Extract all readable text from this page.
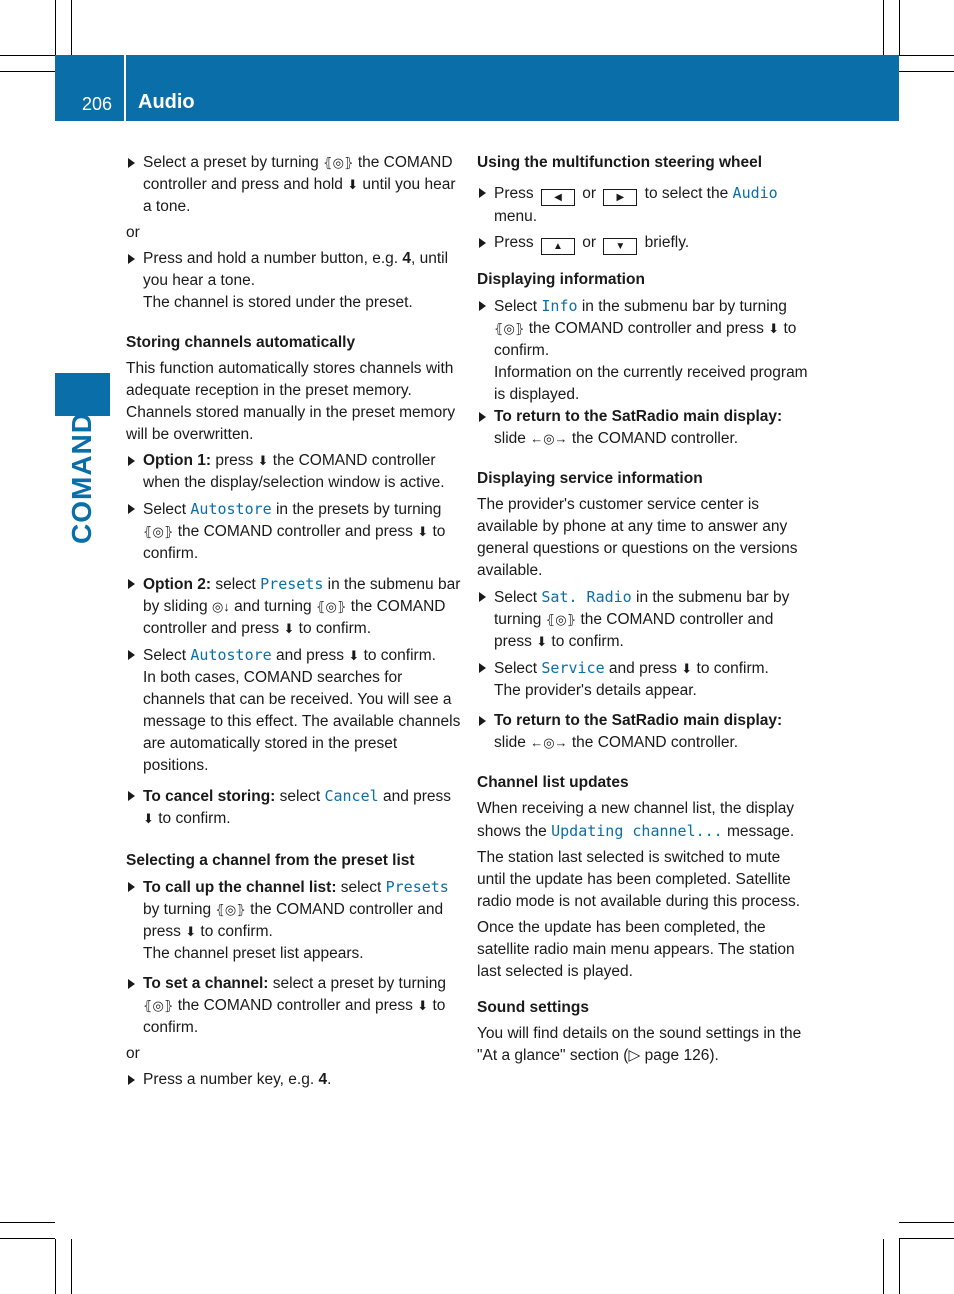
206 Audio
COMAND

Select a preset by turning ⦃◎⦄ the COMAND controller and press and hold ⬇ until you hear a tone.

or

Press and hold a number button, e.g. 4, until you hear a tone.

The channel is stored under the preset.

Storing channels automatically

This function automatically stores channels with adequate reception in the preset memory. Channels stored manually in the preset memory will be overwritten.

Option 1: press ⬇ the COMAND controller when the display/selection window is active.

Select Autostore in the presets by turning ⦃◎⦄ the COMAND controller and press ⬇ to confirm.

Option 2: select Presets in the submenu bar by sliding ◎↓ and turning ⦃◎⦄ the COMAND controller and press ⬇ to confirm.

Select Autostore and press ⬇ to confirm.

In both cases, COMAND searches for channels that can be received. You will see a message to this effect. The available channels are automatically stored in the preset positions.

To cancel storing: select Cancel and press ⬇ to confirm.

Selecting a channel from the preset list

To call up the channel list: select Presets by turning ⦃◎⦄ the COMAND controller and press ⬇ to confirm.

The channel preset list appears.

To set a channel: select a preset by turning ⦃◎⦄ the COMAND controller and press ⬇ to confirm.

or

Press a number key, e.g. 4.

Using the multifunction steering wheel

Press ◀ or ▶ to select the Audio menu.

Press ▲ or ▼ briefly.

Displaying information

Select Info in the submenu bar by turning ⦃◎⦄ the COMAND controller and press ⬇ to confirm.

Information on the currently received program is displayed.

To return to the SatRadio main display:

slide ←◎→ the COMAND controller.

Displaying service information

The provider's customer service center is available by phone at any time to answer any general questions or questions on the versions available.

Select Sat. Radio in the submenu bar by turning ⦃◎⦄ the COMAND controller and press ⬇ to confirm.

Select Service and press ⬇ to confirm.

The provider's details appear.

To return to the SatRadio main display:

slide ←◎→ the COMAND controller.

Channel list updates

When receiving a new channel list, the display shows the Updating channel... message.

The station last selected is switched to mute until the update has been completed. Satellite radio mode is not available during this process.

Once the update has been completed, the satellite radio main menu appears. The station last selected is played.

Sound settings

You will find details on the sound settings in the "At a glance" section (▷ page 126).
